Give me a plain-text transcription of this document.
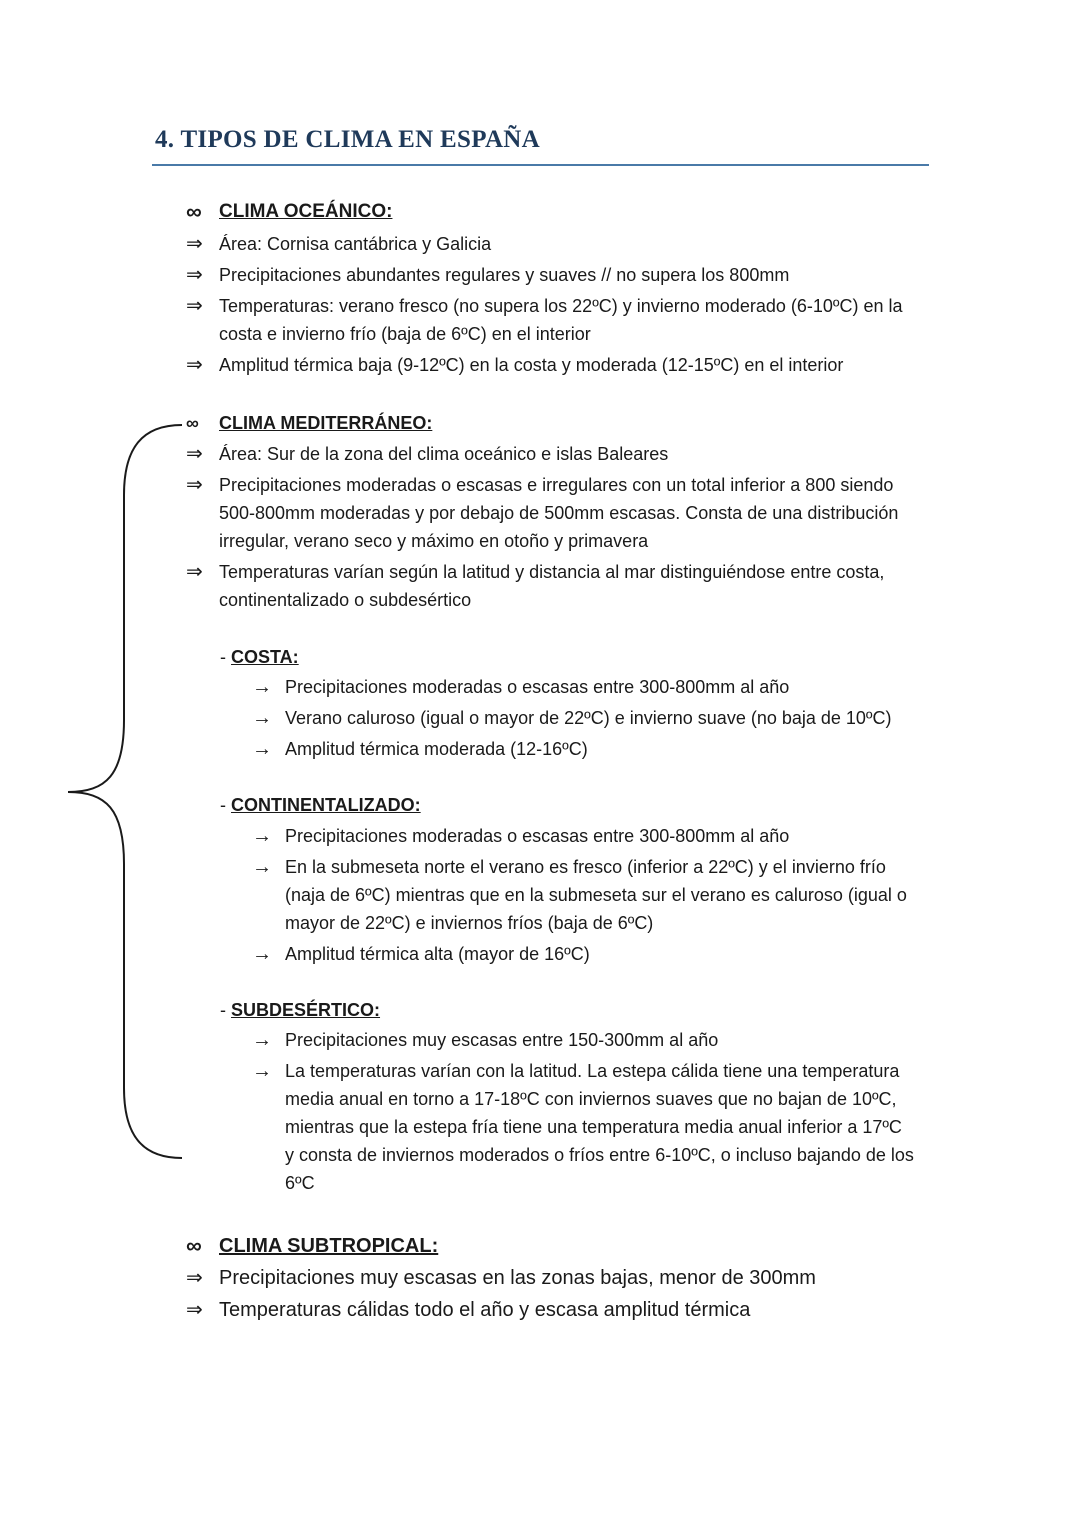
4. TIPOS DE CLIMA EN ESPAÑA
∞ CLIMA OCEÁNICO:
⇒ Área: Cornisa cantábrica y Galicia
⇒ Precipitaciones abundantes regulares y suaves // no supera los 800mm
⇒ Temperaturas: verano fresco (no supera los 22ºC) y invierno moderado (6-10ºC) en la
costa e invierno frío (baja de 6ºC) en el interior
⇒ Amplitud térmica baja (9-12ºC) en la costa y moderada (12-15ºC) en el interior
∞ CLIMA MEDITERRÁNEO:
⇒ Área: Sur de la zona del clima oceánico e islas Baleares
⇒ Precipitaciones moderadas o escasas e irregulares con un total inferior a 800 siendo
500-800mm moderadas y por debajo de 500mm escasas. Consta de una distribución
irregular, verano seco y máximo en otoño y primavera
⇒ Temperaturas varían según la latitud y distancia al mar distinguiéndose entre costa,
continentalizado o subdesértico
- COSTA:
→ Precipitaciones moderadas o escasas entre 300-800mm al año
→ Verano caluroso (igual o mayor de 22ºC) e invierno suave (no baja de 10ºC)
→ Amplitud térmica moderada (12-16ºC)
- CONTINENTALIZADO:
→ Precipitaciones moderadas o escasas entre 300-800mm al año
→ En la submeseta norte el verano es fresco (inferior a 22ºC) y el invierno frío
(naja de 6ºC) mientras que en la submeseta sur el verano es caluroso (igual o
mayor de 22ºC) e inviernos fríos (baja de 6ºC)
→ Amplitud térmica alta (mayor de 16ºC)
- SUBDESÉRTICO:
→ Precipitaciones muy escasas entre 150-300mm al año
→ La temperaturas varían con la latitud. La estepa cálida tiene una temperatura
media anual en torno a 17-18ºC con inviernos suaves que no bajan de 10ºC,
mientras que la estepa fría tiene una temperatura media anual inferior a 17ºC
y consta de inviernos moderados o fríos entre 6-10ºC, o incluso bajando de los
6ºC
∞ CLIMA SUBTROPICAL:
⇒ Precipitaciones muy escasas en las zonas bajas, menor de 300mm
⇒ Temperaturas cálidas todo el año y escasa amplitud térmica
